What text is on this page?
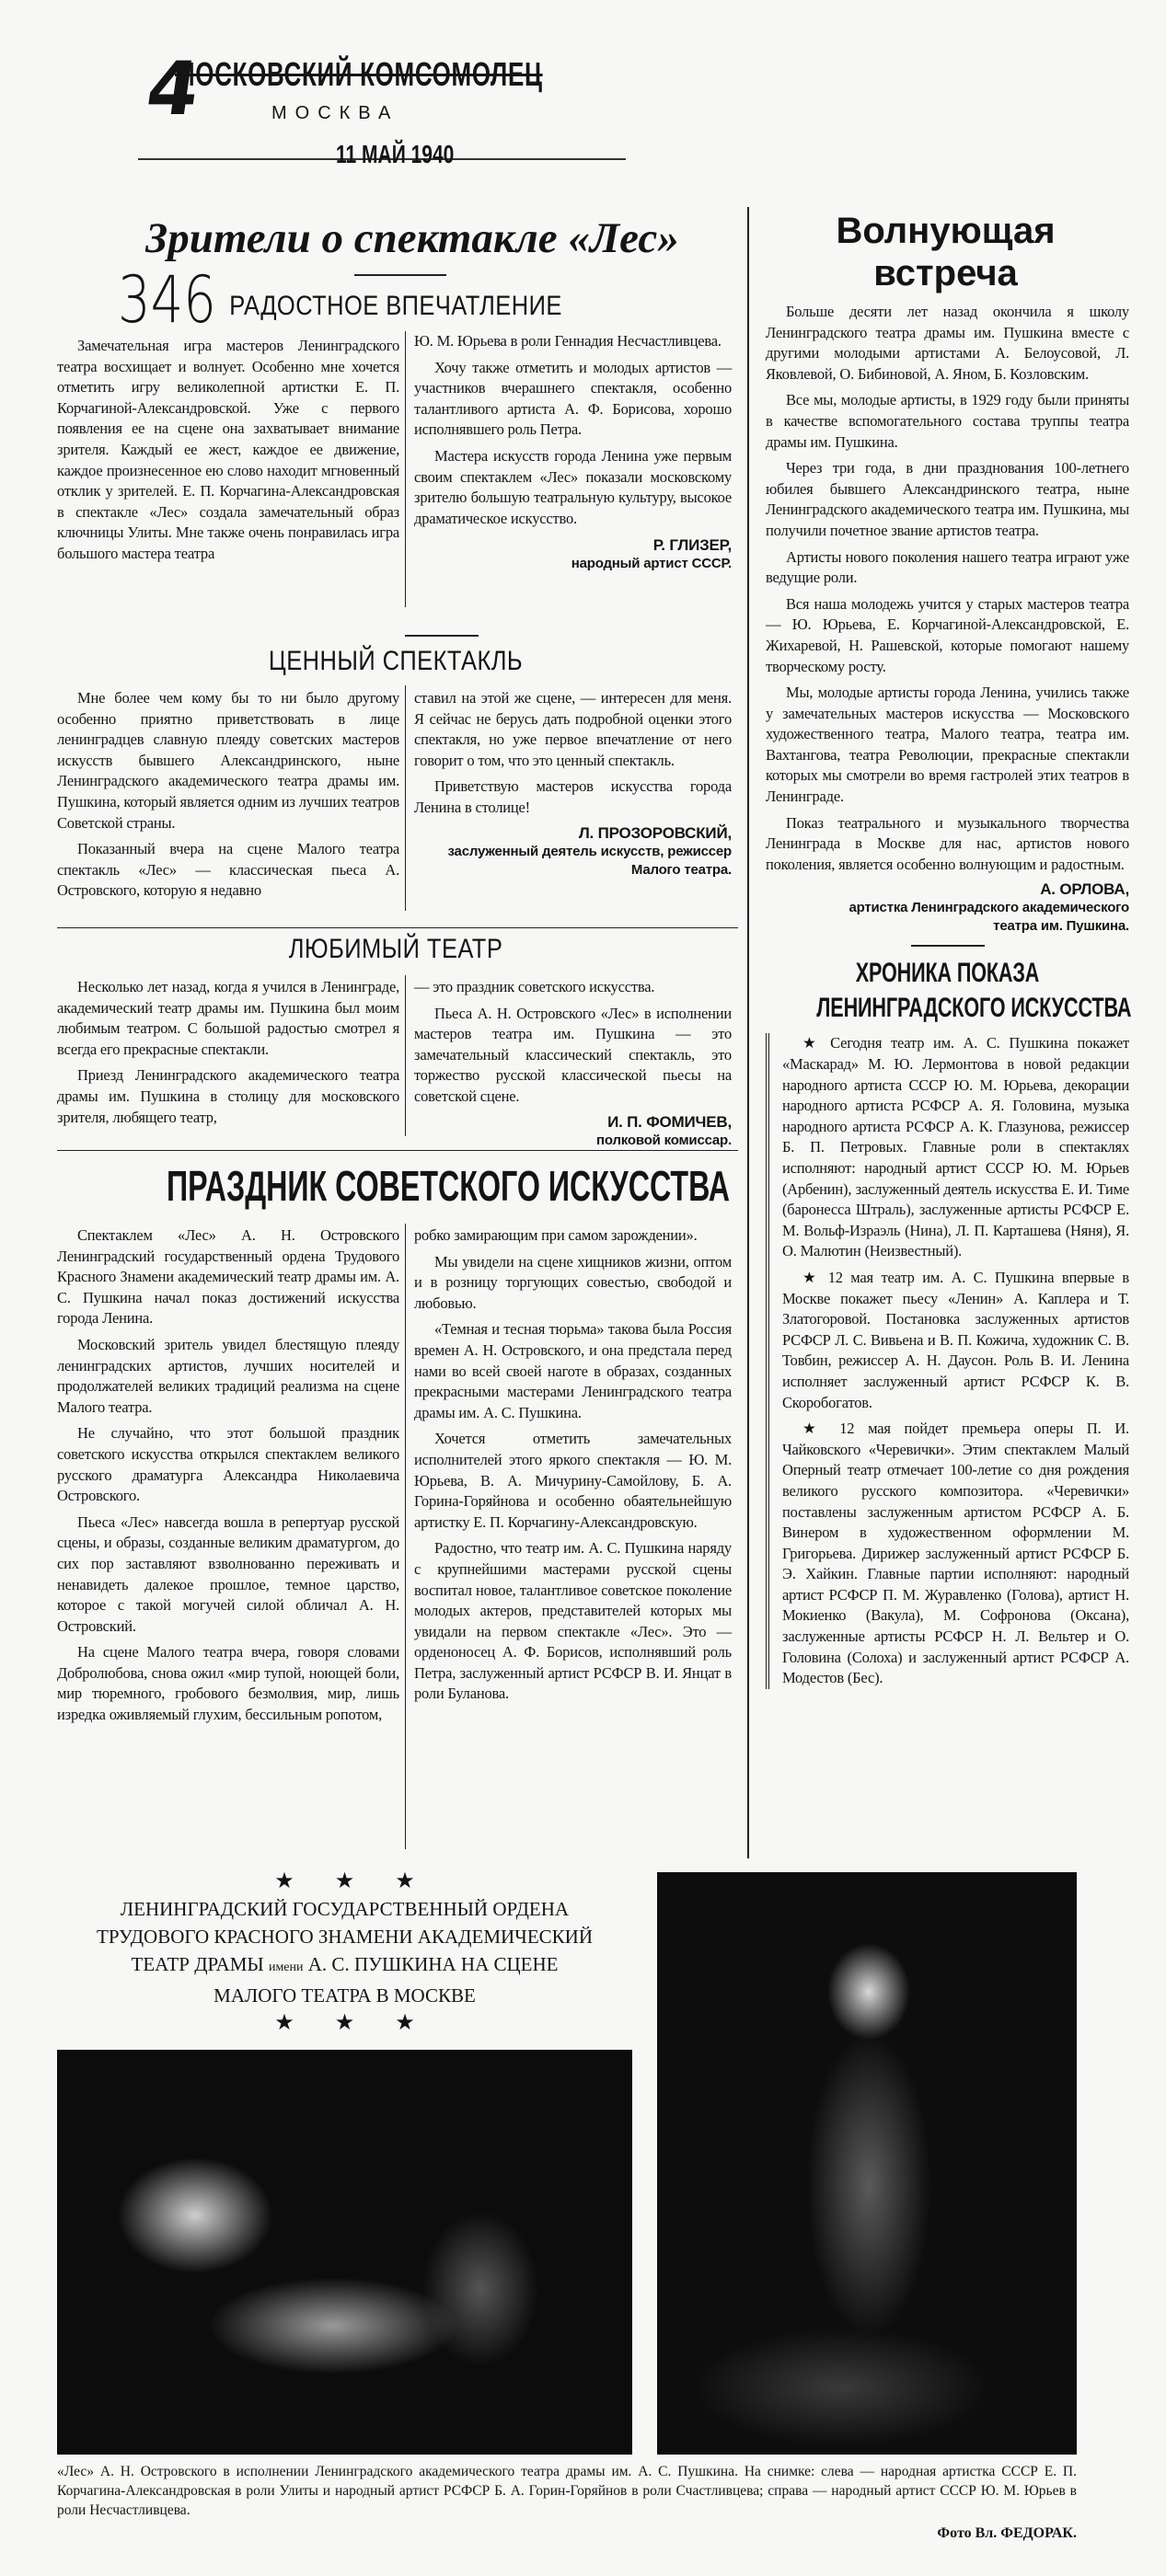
МОСКОВСКИЙ КОМСОМОЛЕЦ
МОСКВА
11 МАЙ 1940
4
Зрители о спектакле «Лес»
346 РАДОСТНОЕ ВПЕЧАТЛЕНИЕ

Замечательная игра мастеров Ленинградского театра восхищает и волнует. Особенно мне хочется отметить игру великолепной артистки Е. П. Корчагиной-Александровской. Уже с первого появления ее на сцене она захватывает внимание зрителя. Каждый ее жест, каждое ее движение, каждое произнесенное ею слово находит мгновенный отклик у зрителей. Е. П. Корчагина-Александровская в спектакле «Лес» создала замечательный образ ключницы Улиты. Мне также очень понравилась игра большого мастера театра

Ю. М. Юрьева в роли Геннадия Несчастливцева.

Хочу также отметить и молодых артистов — участников вчерашнего спектакля, особенно талантливого артиста А. Ф. Борисова, хорошо исполнявшего роль Петра.

Мастера искусств города Ленина уже первым своим спектаклем «Лес» показали московскому зрителю большую театральную культуру, высокое драматическое искусство.

Р. ГЛИЗЕР,
народный артист СССР.
ЦЕННЫЙ СПЕКТАКЛЬ

Мне более чем кому бы то ни было другому особенно приятно приветствовать в лице ленинградцев славную плеяду советских мастеров искусств бывшего Александринского, ныне Ленинградского академического театра драмы им. Пушкина, который является одним из лучших театров Советской страны.

Показанный вчера на сцене Малого театра спектакль «Лес» — классическая пьеса А. Островского, которую я недавно

ставил на этой же сцене, — интересен для меня. Я сейчас не берусь дать подробной оценки этого спектакля, но уже первое впечатление от него говорит о том, что это ценный спектакль.

Приветствую мастеров искусства города Ленина в столице!

Л. ПРОЗОРОВСКИЙ,
заслуженный деятель искусств, режиссер Малого театра.
ЛЮБИМЫЙ ТЕАТР

Несколько лет назад, когда я учился в Ленинграде, академический театр драмы им. Пушкина был моим любимым театром. С большой радостью смотрел я всегда его прекрасные спектакли.

Приезд Ленинградского академического театра драмы им. Пушкина в столицу для московского зрителя, любящего театр,

— это праздник советского искусства.

Пьеса А. Н. Островского «Лес» в исполнении мастеров театра им. Пушкина — это замечательный классический спектакль, это торжество русской классической пьесы на советской сцене.

И. П. ФОМИЧЕВ,
полковой комиссар.
ПРАЗДНИК СОВЕТСКОГО ИСКУССТВА

Спектаклем «Лес» А. Н. Островского Ленинградский государственный ордена Трудового Красного Знамени академический театр драмы им. А. С. Пушкина начал показ достижений искусства города Ленина.

Московский зритель увидел блестящую плеяду ленинградских артистов, лучших носителей и продолжателей великих традиций реализма на сцене Малого театра.

Не случайно, что этот большой праздник советского искусства открылся спектаклем великого русского драматурга Александра Николаевича Островского.

Пьеса «Лес» навсегда вошла в репертуар русской сцены, и образы, созданные великим драматургом, до сих пор заставляют взволнованно переживать и ненавидеть далекое прошлое, темное царство, которое с такой могучей силой обличал А. Н. Островский.

На сцене Малого театра вчера, говоря словами Добролюбова, снова ожил «мир тупой, ноющей боли, мир тюремного, гробового безмолвия, мир, лишь изредка оживляемый глухим, бессильным ропотом,

робко замирающим при самом зарождении».

Мы увидели на сцене хищников жизни, оптом и в розницу торгующих совестью, свободой и любовью.

«Темная и тесная тюрьма» такова была Россия времен А. Н. Островского, и она предстала перед нами во всей своей наготе в образах, созданных прекрасными мастерами Ленинградского театра драмы им. А. С. Пушкина.

Хочется отметить замечательных исполнителей этого яркого спектакля — Ю. М. Юрьева, В. А. Мичурину-Самойлову, Б. А. Горина-Горяйнова и особенно обаятельнейшую артистку Е. П. Корчагину-Александровскую.

Радостно, что театр им. А. С. Пушкина наряду с крупнейшими мастерами русской сцены воспитал новое, талантливое советское поколение молодых актеров, представителей которых мы увидали на первом спектакле «Лес». Это — орденоносец А. Ф. Борисов, исполнявший роль Петра, заслуженный артист РСФСР В. И. Янцат в роли Буланова.

Волнующая
встреча

Больше десяти лет назад окончила я школу Ленинградского театра драмы им. Пушкина вместе с другими молодыми артистами А. Белоусовой, Л. Яковлевой, О. Бибиновой, А. Яном, Б. Козловским.

Все мы, молодые артисты, в 1929 году были приняты в качестве вспомогательного состава труппы театра драмы им. Пушкина.

Через три года, в дни празднования 100-летнего юбилея бывшего Александринского театра, ныне Ленинградского академического театра им. Пушкина, мы получили почетное звание артистов театра.

Артисты нового поколения нашего театра играют уже ведущие роли.

Вся наша молодежь учится у старых мастеров театра — Ю. Юрьева, Е. Корчагиной-Александровской, Е. Жихаревой, Н. Рашевской, которые помогают нашему творческому росту.

Мы, молодые артисты города Ленина, учились также у замечательных мастеров искусства — Московского художественного театра, Малого театра, театра им. Вахтангова, театра Революции, прекрасные спектакли которых мы смотрели во время гастролей этих театров в Ленинграде.

Показ театрального и музыкального творчества Ленинграда в Москве для нас, артистов нового поколения, является особенно волнующим и радостным.

А. ОРЛОВА,
артистка Ленинградского академического театра им. Пушкина.
ХРОНИКА ПОКАЗА
ЛЕНИНГРАДСКОГО ИСКУССТВА

★ Сегодня театр им. А. С. Пушкина покажет «Маскарад» М. Ю. Лермонтова в новой редакции народного артиста СССР Ю. М. Юрьева, декорации народного артиста РСФСР А. Я. Головина, музыка народного артиста РСФСР А. К. Глазунова, режиссер Б. П. Петровых. Главные роли в спектаклях исполняют: народный артист СССР Ю. М. Юрьев (Арбенин), заслуженный деятель искусства Е. И. Тиме (баронесса Штраль), заслуженные артисты РСФСР Е. М. Вольф-Израэль (Нина), Л. П. Карташева (Няня), Я. О. Малютин (Неизвестный).

★ 12 мая театр им. А. С. Пушкина впервые в Москве покажет пьесу «Ленин» А. Каплера и Т. Златогоровой. Постановка заслуженных артистов РСФСР Л. С. Вивьена и В. П. Кожича, художник С. В. Товбин, режиссер А. Н. Даусон. Роль В. И. Ленина исполняет заслуженный артист РСФСР К. В. Скоробогатов.

★ 12 мая пойдет премьера оперы П. И. Чайковского «Черевички». Этим спектаклем Малый Оперный театр отмечает 100-летие со дня рождения великого русского композитора. «Черевички» поставлены заслуженным артистом РСФСР А. Б. Винером в художественном оформлении М. Григорьева. Дирижер заслуженный артист РСФСР Б. Э. Хайкин. Главные партии исполняют: народный артист РСФСР П. М. Журавленко (Голова), артист Н. Мокиенко (Вакула), М. Софронова (Оксана), заслуженные артисты РСФСР Н. Л. Вельтер и О. Головина (Солоха) и заслуженный артист РСФСР А. Модестов (Бес).

★ ★ ★
ЛЕНИНГРАДСКИЙ ГОСУДАРСТВЕННЫЙ ОРДЕНА
ТРУДОВОГО КРАСНОГО ЗНАМЕНИ АКАДЕМИЧЕСКИЙ
ТЕАТР ДРАМЫ имени А. С. ПУШКИНА НА СЦЕНЕ
МАЛОГО ТЕАТРА В МОСКВЕ
★ ★ ★
«Лес» А. Н. Островского в исполнении Ленинградского академического театра драмы им. А. С. Пушкина. На снимке: слева — народная артистка СССР Е. П. Корчагина-Александровская в роли Улиты и народный артист РСФСР Б. А. Горин-Горяйнов в роли Счастливцева; справа — народный артист СССР Ю. М. Юрьев в роли Несчастливцева.
Фото Вл. ФЕДОРАК.
